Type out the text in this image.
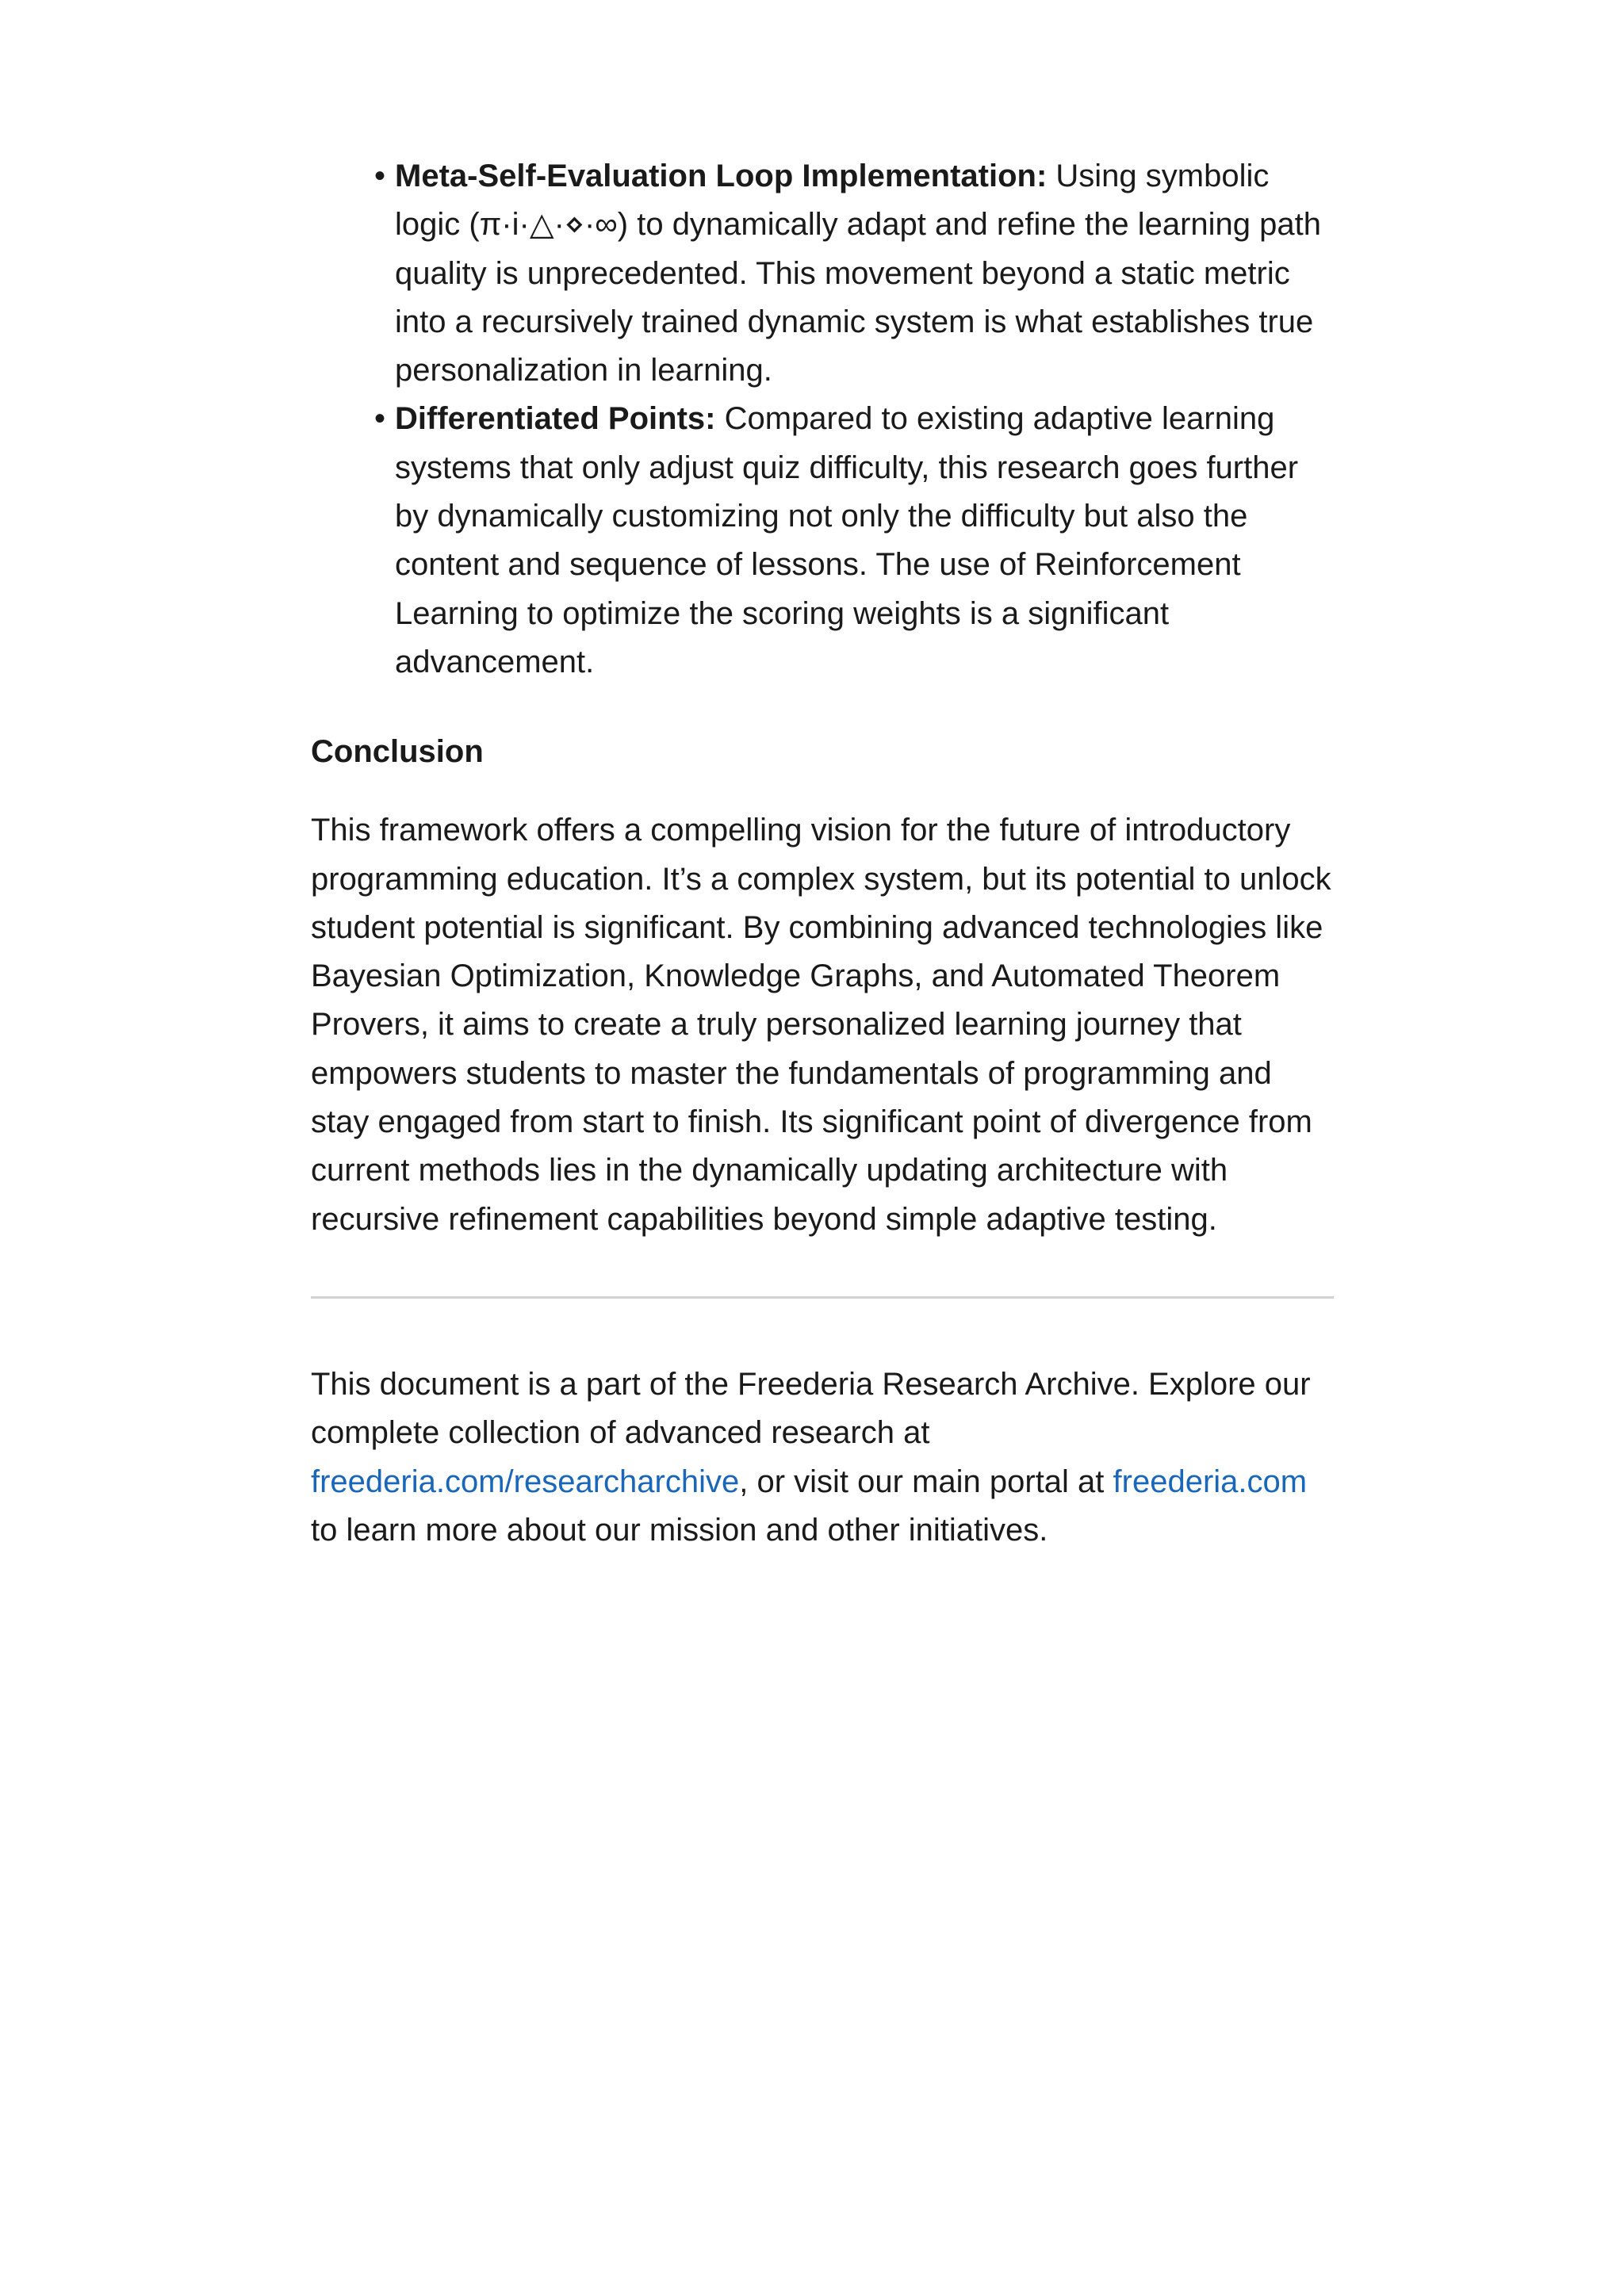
• Meta-Self-Evaluation Loop Implementation: Using symbolic logic (π·i·△·⋄·∞) to dynamically adapt and refine the learning path quality is unprecedented. This movement beyond a static metric into a recursively trained dynamic system is what establishes true personalization in learning.
• Differentiated Points: Compared to existing adaptive learning systems that only adjust quiz difficulty, this research goes further by dynamically customizing not only the difficulty but also the content and sequence of lessons. The use of Reinforcement Learning to optimize the scoring weights is a significant advancement.
Conclusion

This framework offers a compelling vision for the future of introductory programming education. It’s a complex system, but its potential to unlock student potential is significant. By combining advanced technologies like Bayesian Optimization, Knowledge Graphs, and Automated Theorem Provers, it aims to create a truly personalized learning journey that empowers students to master the fundamentals of programming and stay engaged from start to finish. Its significant point of divergence from current methods lies in the dynamically updating architecture with recursive refinement capabilities beyond simple adaptive testing.

This document is a part of the Freederia Research Archive. Explore our complete collection of advanced research at freederia.com/researcharchive, or visit our main portal at freederia.com to learn more about our mission and other initiatives.
